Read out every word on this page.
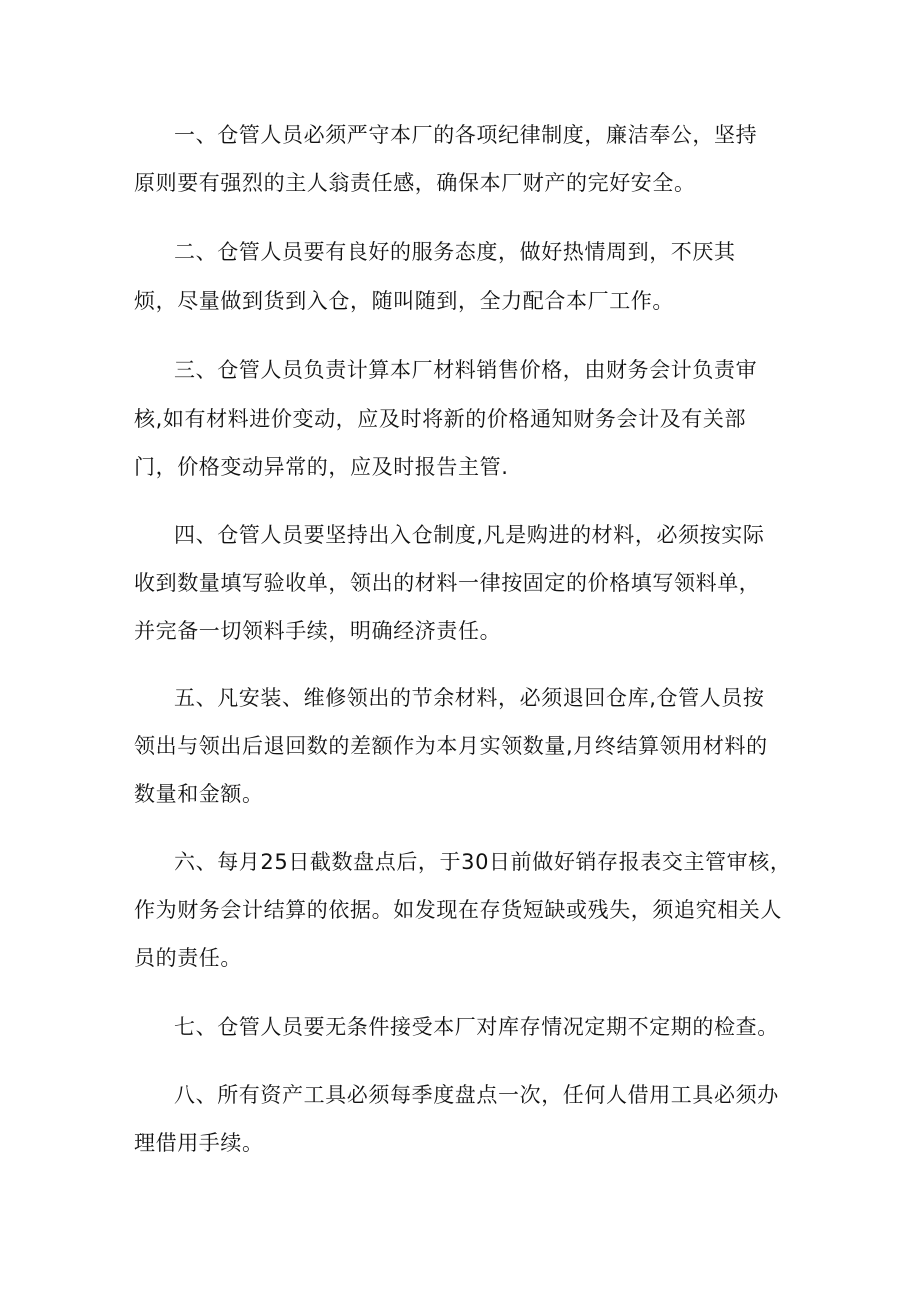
一、仓管人员必须严守本厂的各项纪律制度，廉洁奉公，坚持
原则要有强烈的主人翁责任感，确保本厂财产的完好安全。
二、仓管人员要有良好的服务态度，做好热情周到，不厌其
烦，尽量做到货到入仓，随叫随到，全力配合本厂工作。
三、仓管人员负责计算本厂材料销售价格，由财务会计负责审
核,如有材料进价变动，应及时将新的价格通知财务会计及有关部
门，价格变动异常的，应及时报告主管.
四、仓管人员要坚持出入仓制度,凡是购进的材料，必须按实际
收到数量填写验收单，领出的材料一律按固定的价格填写领料单，
并完备一切领料手续，明确经济责任。
五、凡安装、维修领出的节余材料，必须退回仓库,仓管人员按
领出与领出后退回数的差额作为本月实领数量,月终结算领用材料的
数量和金额。
六、每月25日截数盘点后，于30日前做好销存报表交主管审核，
作为财务会计结算的依据。如发现在存货短缺或残失，须追究相关人
员的责任。
七、仓管人员要无条件接受本厂对库存情况定期不定期的检查。
八、所有资产工具必须每季度盘点一次，任何人借用工具必须办
理借用手续。
